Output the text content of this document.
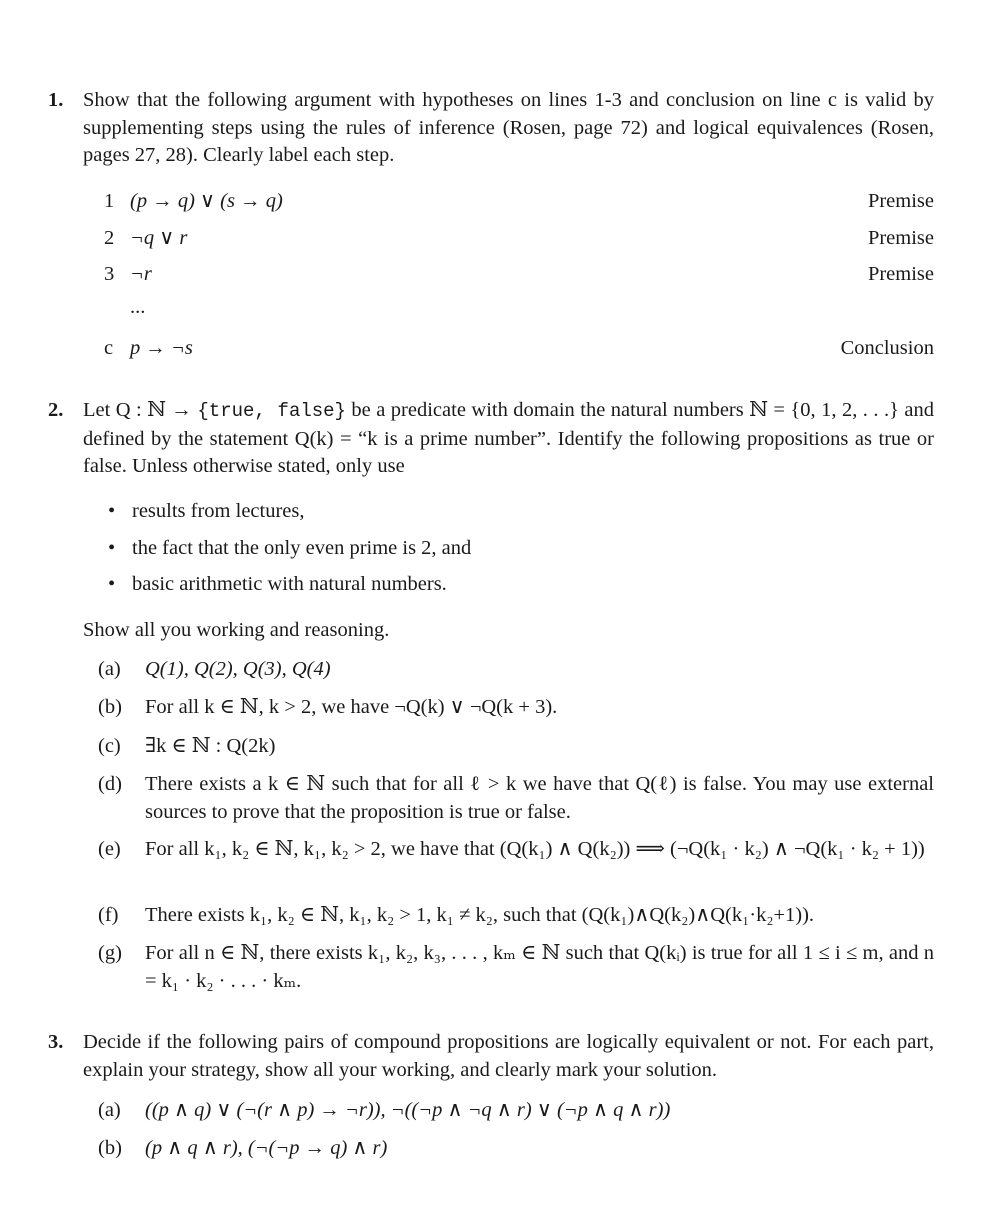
1. Show that the following argument with hypotheses on lines 1-3 and conclusion on line c is valid by supplementing steps using the rules of inference (Rosen, page 72) and logical equivalences (Rosen, pages 27, 28). Clearly label each step.
1 (p → q) ∨ (s → q)	Premise
2 ¬q ∨ r	Premise
3 ¬r	Premise
...
c p → ¬s	Conclusion
2. Let Q : ℕ → {true, false} be a predicate with domain the natural numbers ℕ = {0, 1, 2, . . .} and defined by the statement Q(k) = “k is a prime number”. Identify the following propositions as true or false. Unless otherwise stated, only use
• results from lectures,
• the fact that the only even prime is 2, and
• basic arithmetic with natural numbers.
Show all you working and reasoning.
(a) Q(1), Q(2), Q(3), Q(4)
(b) For all k ∈ ℕ, k > 2, we have ¬Q(k) ∨ ¬Q(k + 3).
(c) ∃k ∈ ℕ : Q(2k)
(d) There exists a k ∈ ℕ such that for all ℓ > k we have that Q(ℓ) is false. You may use external sources to prove that the proposition is true or false.
(e) For all k₁, k₂ ∈ ℕ, k₁, k₂ > 2, we have that (Q(k₁) ∧ Q(k₂)) ⟹ (¬Q(k₁ · k₂) ∧ ¬Q(k₁ · k₂ + 1))
(f) There exists k₁, k₂ ∈ ℕ, k₁, k₂ > 1, k₁ ≠ k₂, such that (Q(k₁)∧Q(k₂)∧Q(k₁·k₂+1)).
(g) For all n ∈ ℕ, there exists k₁, k₂, k₃, . . . , kₘ ∈ ℕ such that Q(kᵢ) is true for all 1 ≤ i ≤ m, and n = k₁ · k₂ · . . . · kₘ.
3. Decide if the following pairs of compound propositions are logically equivalent or not. For each part, explain your strategy, show all your working, and clearly mark your solution.
(a) ((p ∧ q) ∨ (¬(r ∧ p) → ¬r)), ¬((¬p ∧ ¬q ∧ r) ∨ (¬p ∧ q ∧ r))
(b) (p ∧ q ∧ r), (¬(¬p → q) ∧ r)
